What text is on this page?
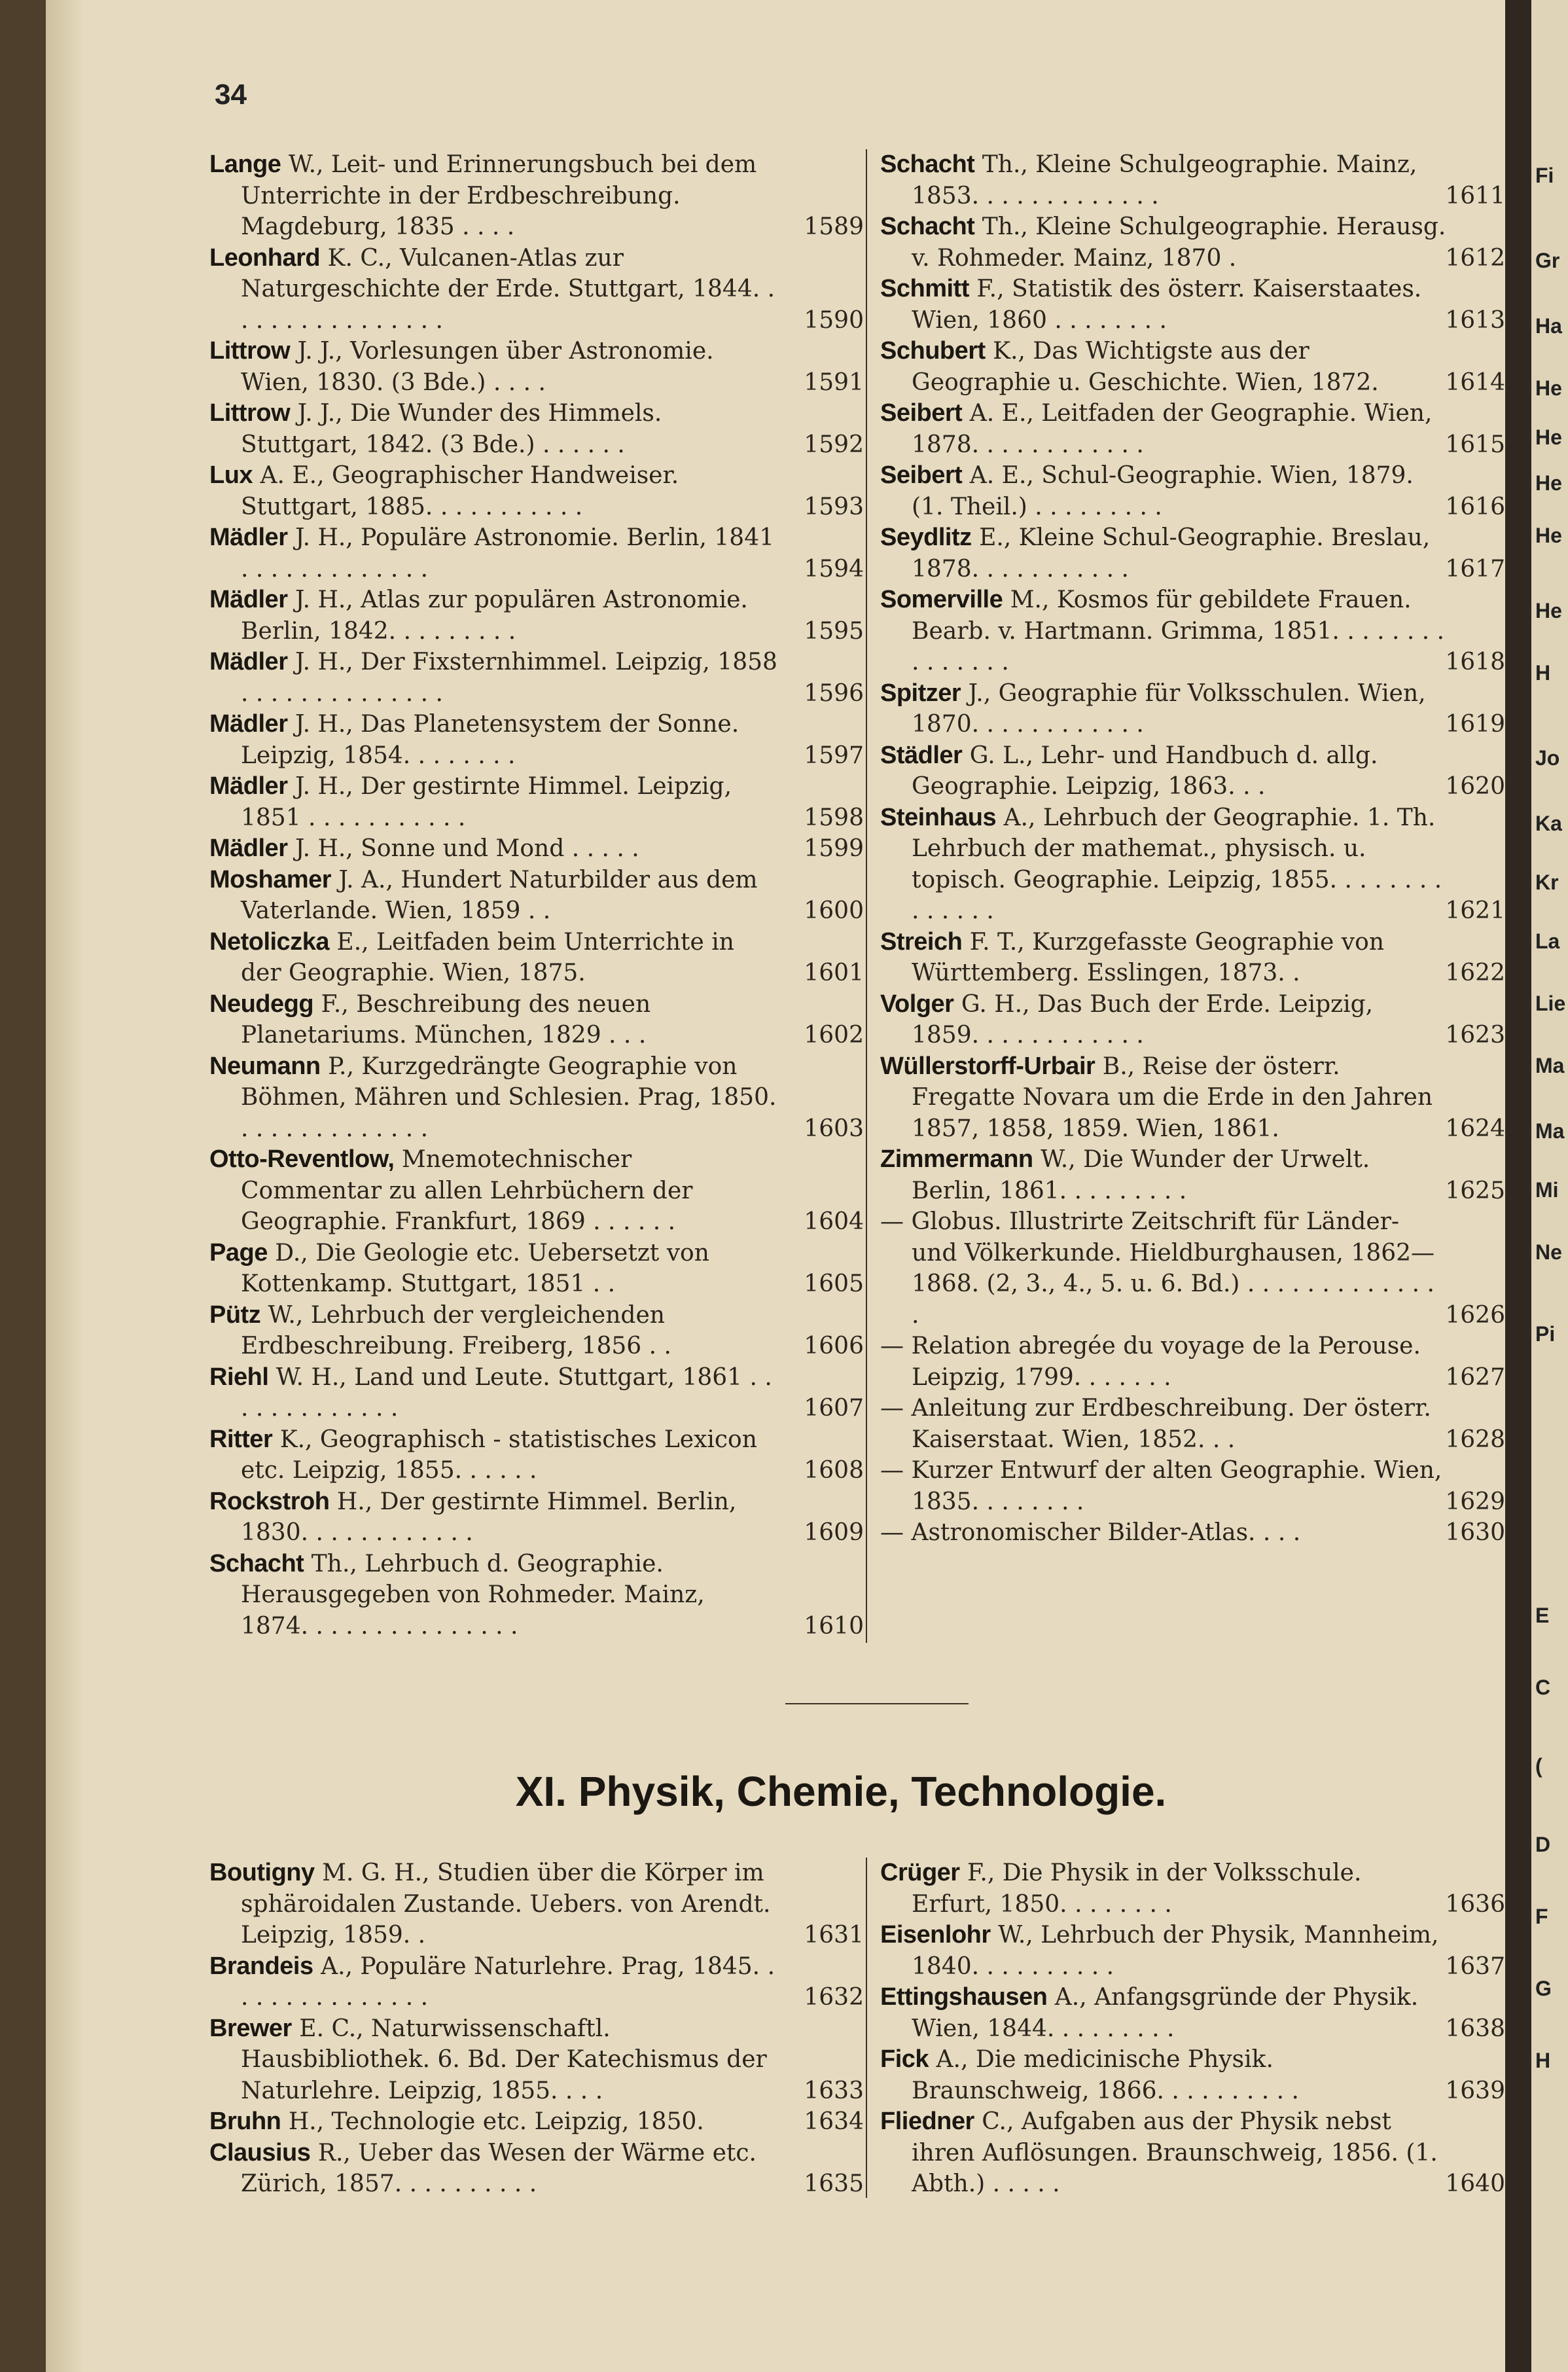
34
Lange W., Leit- und Erinnerungsbuch bei dem Unterrichte in der Erdbeschreibung. Magdeburg, 1835 . . . .	1589
Leonhard K. C., Vulcanen-Atlas zur Naturgeschichte der Erde. Stuttgart, 1844. . . . . . . . . . . . . . . .	1590
Littrow J. J., Vorlesungen über Astronomie. Wien, 1830. (3 Bde.) . . . .	1591
Littrow J. J., Die Wunder des Himmels. Stuttgart, 1842. (3 Bde.) . . . . . .	1592
Lux A. E., Geographischer Handweiser. Stuttgart, 1885. . . . . . . . . . .	1593
Mädler J. H., Populäre Astronomie. Berlin, 1841 . . . . . . . . . . . . .	1594
Mädler J. H., Atlas zur populären Astronomie. Berlin, 1842. . . . . . . . .	1595
Mädler J. H., Der Fixsternhimmel. Leipzig, 1858 . . . . . . . . . . . . . .	1596
Mädler J. H., Das Planetensystem der Sonne. Leipzig, 1854. . . . . . . .	1597
Mädler J. H., Der gestirnte Himmel. Leipzig, 1851 . . . . . . . . . . .	1598
Mädler J. H., Sonne und Mond . . . . .	1599
Moshamer J. A., Hundert Naturbilder aus dem Vaterlande. Wien, 1859 . .	1600
Netoliczka E., Leitfaden beim Unterrichte in der Geographie. Wien, 1875.	1601
Neudegg F., Beschreibung des neuen Planetariums. München, 1829 . . .	1602
Neumann P., Kurzgedrängte Geographie von Böhmen, Mähren und Schlesien. Prag, 1850. . . . . . . . . . . . . .	1603
Otto-Reventlow, Mnemotechnischer Commentar zu allen Lehrbüchern der Geographie. Frankfurt, 1869 . . . . . .	1604
Page D., Die Geologie etc. Uebersetzt von Kottenkamp. Stuttgart, 1851 . .	1605
Pütz W., Lehrbuch der vergleichenden Erdbeschreibung. Freiberg, 1856 . .	1606
Riehl W. H., Land und Leute. Stuttgart, 1861 . . . . . . . . . . . . .	1607
Ritter K., Geographisch - statistisches Lexicon etc. Leipzig, 1855. . . . . .	1608
Rockstroh H., Der gestirnte Himmel. Berlin, 1830. . . . . . . . . . . .	1609
Schacht Th., Lehrbuch d. Geographie. Herausgegeben von Rohmeder. Mainz, 1874. . . . . . . . . . . . . . .	1610
Schacht Th., Kleine Schulgeographie. Mainz, 1853. . . . . . . . . . . . .	1611
Schacht Th., Kleine Schulgeographie. Herausg. v. Rohmeder. Mainz, 1870 .	1612
Schmitt F., Statistik des österr. Kaiserstaates. Wien, 1860 . . . . . . . .	1613
Schubert K., Das Wichtigste aus der Geographie u. Geschichte. Wien, 1872.	1614
Seibert A. E., Leitfaden der Geographie. Wien, 1878. . . . . . . . . . . .	1615
Seibert A. E., Schul-Geographie. Wien, 1879. (1. Theil.) . . . . . . . . .	1616
Seydlitz E., Kleine Schul-Geographie. Breslau, 1878. . . . . . . . . . .	1617
Somerville M., Kosmos für gebildete Frauen. Bearb. v. Hartmann. Grimma, 1851. . . . . . . . . . . . . . .	1618
Spitzer J., Geographie für Volksschulen. Wien, 1870. . . . . . . . . . . .	1619
Städler G. L., Lehr- und Handbuch d. allg. Geographie. Leipzig, 1863. . .	1620
Steinhaus A., Lehrbuch der Geographie. 1. Th. Lehrbuch der mathemat., physisch. u. topisch. Geographie. Leipzig, 1855. . . . . . . . . . . . . .	1621
Streich F. T., Kurzgefasste Geographie von Württemberg. Esslingen, 1873. .	1622
Volger G. H., Das Buch der Erde. Leipzig, 1859. . . . . . . . . . . .	1623
Wüllerstorff-Urbair B., Reise der österr. Fregatte Novara um die Erde in den Jahren 1857, 1858, 1859. Wien, 1861.	1624
Zimmermann W., Die Wunder der Urwelt. Berlin, 1861. . . . . . . . .	1625
— Globus. Illustrirte Zeitschrift für Länder- und Völkerkunde. Hieldburghausen, 1862—1868. (2, 3., 4., 5. u. 6. Bd.) . . . . . . . . . . . . . .	1626
— Relation abregée du voyage de la Perouse. Leipzig, 1799. . . . . . .	1627
— Anleitung zur Erdbeschreibung. Der österr. Kaiserstaat. Wien, 1852. . .	1628
— Kurzer Entwurf der alten Geographie. Wien, 1835. . . . . . . .	1629
— Astronomischer Bilder-Atlas. . . .	1630
XI. Physik, Chemie, Technologie.
Boutigny M. G. H., Studien über die Körper im sphäroidalen Zustande. Uebers. von Arendt. Leipzig, 1859. .	1631
Brandeis A., Populäre Naturlehre. Prag, 1845. . . . . . . . . . . . . . .	1632
Brewer E. C., Naturwissenschaftl. Hausbibliothek. 6. Bd. Der Katechismus der Naturlehre. Leipzig, 1855. . . .	1633
Bruhn H., Technologie etc. Leipzig, 1850.	1634
Clausius R., Ueber das Wesen der Wärme etc. Zürich, 1857. . . . . . . . . .	1635
Crüger F., Die Physik in der Volksschule. Erfurt, 1850. . . . . . . .	1636
Eisenlohr W., Lehrbuch der Physik, Mannheim, 1840. . . . . . . . . .	1637
Ettingshausen A., Anfangsgründe der Physik. Wien, 1844. . . . . . . . .	1638
Fick A., Die medicinische Physik. Braunschweig, 1866. . . . . . . . . .	1639
Fliedner C., Aufgaben aus der Physik nebst ihren Auflösungen. Braunschweig, 1856. (1. Abth.) . . . . .	1640
Fi
Gr
Ha
He
He
He
He
He
H
Jo
Ka
Kr
La
Lie
Ma
Ma
Mi
Ne
Pi
E
C
(
D
F
G
H
